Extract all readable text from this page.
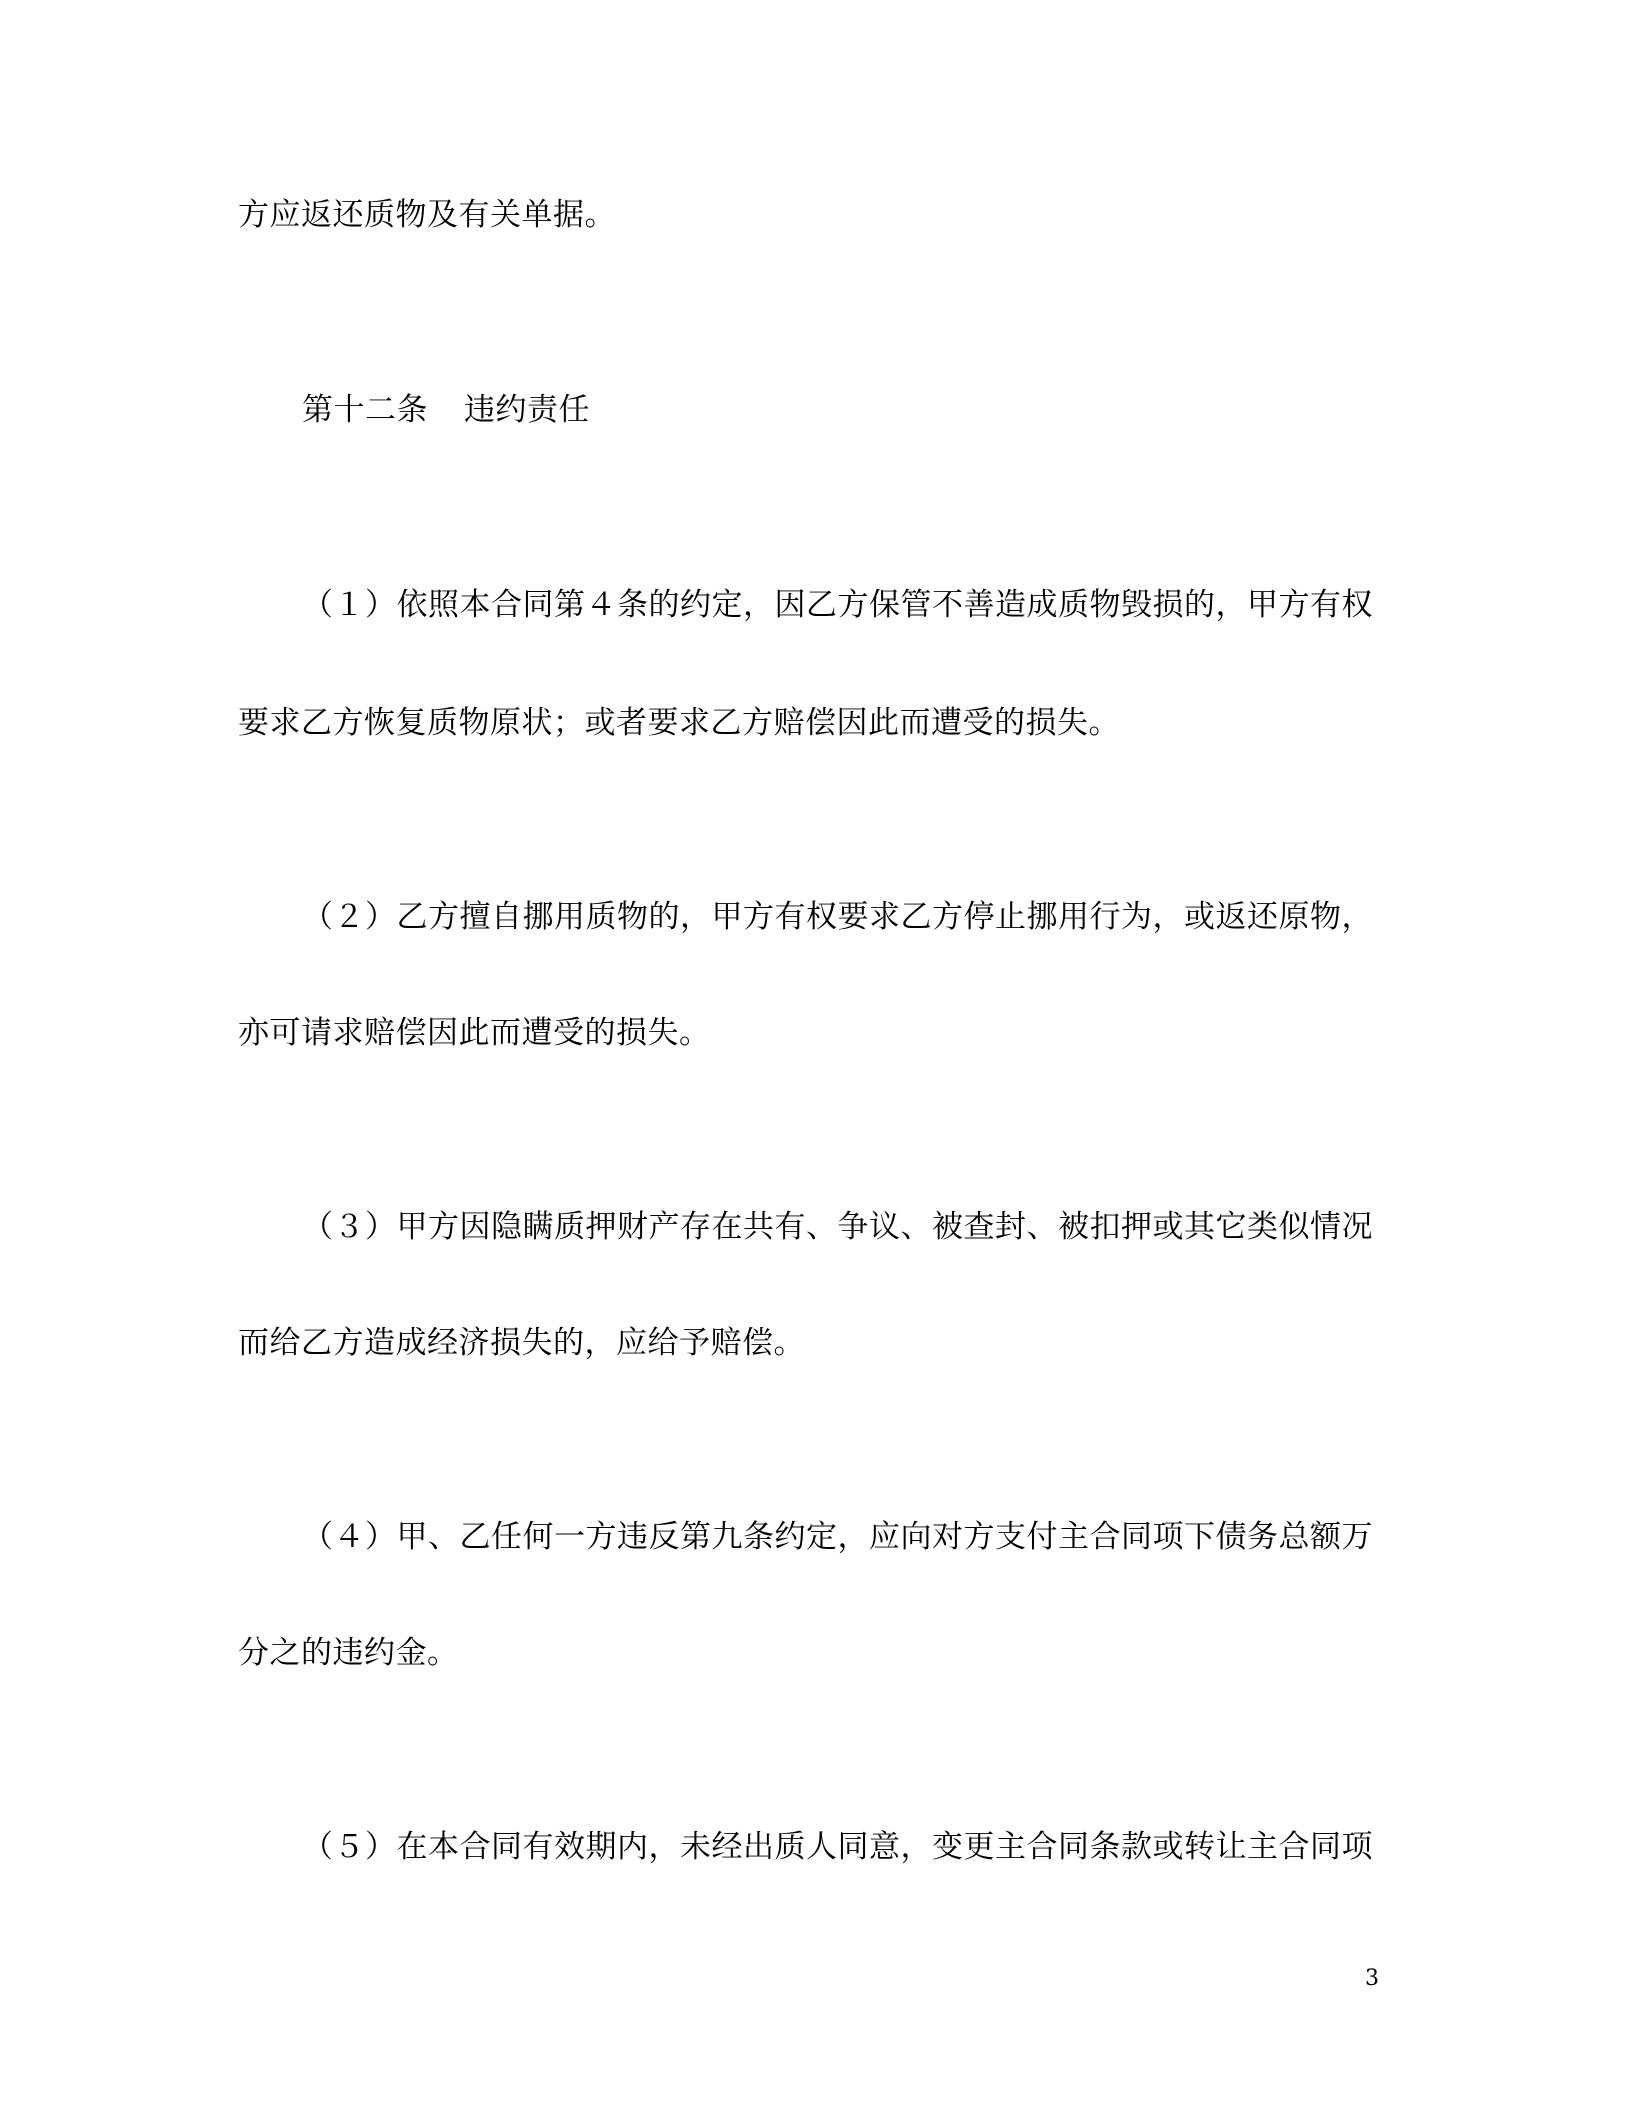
方应返还质物及有关单据。
第十二条 违约责任
（１）依照本合同第４条的约定，因乙方保管不善造成质物毁损的，甲方有权
要求乙方恢复质物原状；或者要求乙方赔偿因此而遭受的损失。
（２）乙方擅自挪用质物的，甲方有权要求乙方停止挪用行为，或返还原物，
亦可请求赔偿因此而遭受的损失。
（３）甲方因隐瞒质押财产存在共有、争议、被查封、被扣押或其它类似情况
而给乙方造成经济损失的，应给予赔偿。
（４）甲、乙任何一方违反第九条约定，应向对方支付主合同项下债务总额万
分之的违约金。
（５）在本合同有效期内，未经出质人同意，变更主合同条款或转让主合同项
3
